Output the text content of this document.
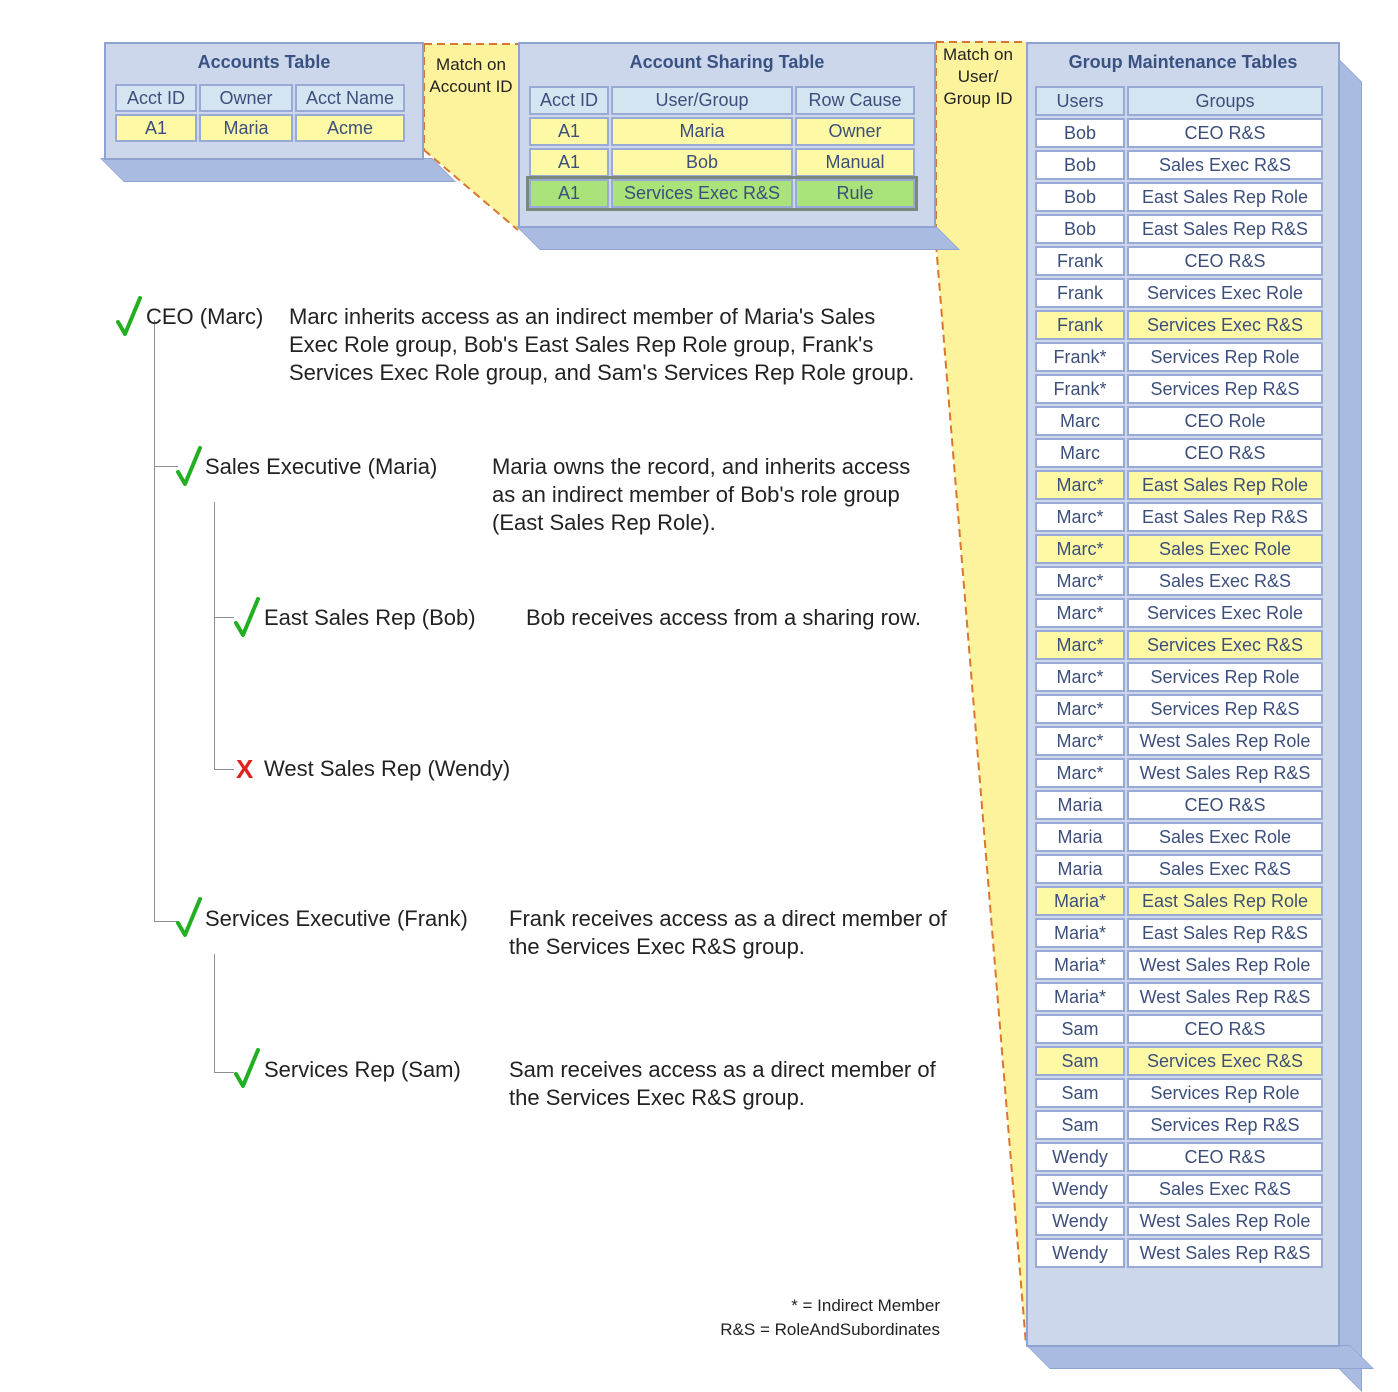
Accounts Table
Acct ID	Owner	Acct Name
A1	Maria	Acme
Match on Account ID
Account Sharing Table
Acct ID	User/Group	Row Cause
A1	Maria	Owner
A1	Bob	Manual
A1	Services Exec R&S	Rule
Match on User/ Group ID
Group Maintenance Tables
Users	Groups
Bob	CEO R&S
Bob	Sales Exec R&S
Bob	East Sales Rep Role
Bob	East Sales Rep R&S
Frank	CEO R&S
Frank	Services Exec Role
Frank	Services Exec R&S
Frank*	Services Rep Role
Frank*	Services Rep R&S
Marc	CEO Role
Marc	CEO R&S
Marc*	East Sales Rep Role
Marc*	East Sales Rep R&S
Marc*	Sales Exec Role
Marc*	Sales Exec R&S
Marc*	Services Exec Role
Marc*	Services Exec R&S
Marc*	Services Rep Role
Marc*	Services Rep R&S
Marc*	West Sales Rep Role
Marc*	West Sales Rep R&S
Maria	CEO R&S
Maria	Sales Exec Role
Maria	Sales Exec R&S
Maria*	East Sales Rep Role
Maria*	East Sales Rep R&S
Maria*	West Sales Rep Role
Maria*	West Sales Rep R&S
Sam	CEO R&S
Sam	Services Exec R&S
Sam	Services Rep Role
Sam	Services Rep R&S
Wendy	CEO R&S
Wendy	Sales Exec R&S
Wendy	West Sales Rep Role
Wendy	West Sales Rep R&S
CEO (Marc) Marc inherits access as an indirect member of Maria's Sales Exec Role group, Bob's East Sales Rep Role group, Frank's Services Exec Role group, and Sam's Services Rep Role group.
Sales Executive (Maria) Maria owns the record, and inherits access as an indirect member of Bob's role group (East Sales Rep Role).
East Sales Rep (Bob) Bob receives access from a sharing row.
X West Sales Rep (Wendy)
Services Executive (Frank) Frank receives access as a direct member of the Services Exec R&S group.
Services Rep (Sam) Sam receives access as a direct member of the Services Exec R&S group.
* = Indirect Member
R&S = RoleAndSubordinates
